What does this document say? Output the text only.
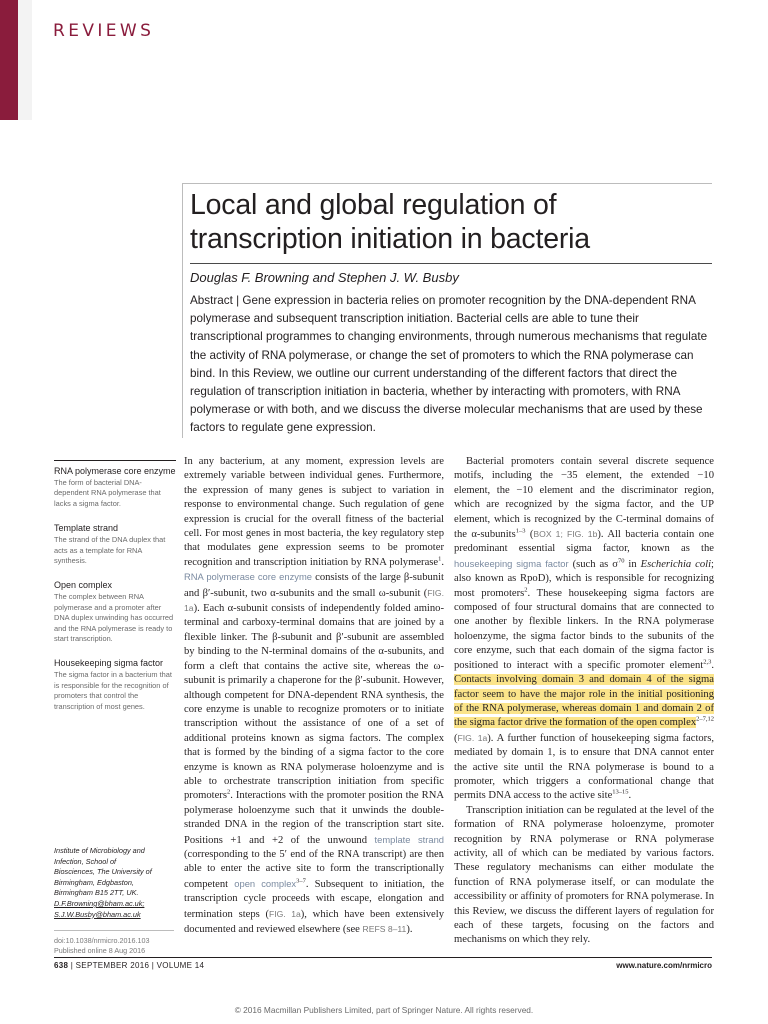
REVIEWS
Local and global regulation of transcription initiation in bacteria

Douglas F. Browning and Stephen J. W. Busby

Abstract | Gene expression in bacteria relies on promoter recognition by the DNA-dependent RNA polymerase and subsequent transcription initiation. Bacterial cells are able to tune their transcriptional programmes to changing environments, through numerous mechanisms that regulate the activity of RNA polymerase, or change the set of promoters to which the RNA polymerase can bind. In this Review, we outline our current understanding of the different factors that direct the regulation of transcription initiation in bacteria, whether by interacting with promoters, with RNA polymerase or with both, and we discuss the diverse molecular mechanisms that are used by these factors to regulate gene expression.

RNA polymerase core enzyme
The form of bacterial DNA-dependent RNA polymerase that lacks a sigma factor.
Template strand
The strand of the DNA duplex that acts as a template for RNA synthesis.
Open complex
The complex between RNA polymerase and a promoter after DNA duplex unwinding has occurred and the RNA polymerase is ready to start transcription.
Housekeeping sigma factor
The sigma factor in a bacterium that is responsible for the recognition of promoters that control the transcription of most genes.
Institute of Microbiology and
Infection, School of
Biosciences, The University of
Birmingham, Edgbaston,
Birmingham B15 2TT, UK.
D.F.Browning@bham.ac.uk;
S.J.W.Busby@bham.ac.uk
doi:10.1038/nrmicro.2016.103
Published online 8 Aug 2016

In any bacterium, at any moment, expression levels are extremely variable between individual genes. Furthermore, the expression of many genes is subject to variation in response to environmental change. Such regulation of gene expression is crucial for the overall fitness of the bacterial cell. For most genes in most bacteria, the key regulatory step that modulates gene expression seems to be promoter recognition and transcription initiation by RNA polymerase$^1$. RNA polymerase core enzyme consists of the large β-subunit and β′-subunit, two α-subunits and the small ω-subunit (FIG. 1a). Each α-subunit consists of independently folded amino-terminal and carboxy-terminal domains that are joined by a flexible linker. The β-subunit and β′-subunit are assembled by binding to the N-terminal domains of the α-subunits, and form a cleft that contains the active site, whereas the ω-subunit is primarily a chaperone for the β′-subunit. However, although competent for DNA-dependent RNA synthesis, the core enzyme is unable to recognize promoters or to initiate transcription without the assistance of one of a set of additional proteins known as sigma factors. The complex that is formed by the binding of a sigma factor to the core enzyme is known as RNA polymerase holoenzyme and is able to orchestrate transcription initiation from specific promoters$^2$. Interactions with the promoter position the RNA polymerase holoenzyme such that it unwinds the double-stranded DNA in the region of the transcription start site. Positions +1 and +2 of the unwound template strand (corresponding to the 5′ end of the RNA transcript) are then able to enter the active site to form the transcriptionally competent open complex$^{3-7}$. Subsequent to initiation, the transcription cycle proceeds with escape, elongation and termination steps (FIG. 1a), which have been extensively documented and reviewed elsewhere (see REFS 8–11).

Bacterial promoters contain several discrete sequence motifs, including the −35 element, the extended −10 element, the −10 element and the discriminator region, which are recognized by the sigma factor, and the UP element, which is recognized by the C-terminal domains of the α-subunits$^{1-3}$ (BOX 1; FIG. 1b). All bacteria contain one predominant essential sigma factor, known as the housekeeping sigma factor (such as $\sigma^{70}$ in Escherichia coli; also known as RpoD), which is responsible for recognizing most promoters$^2$. These housekeeping sigma factors are composed of four structural domains that are connected to one another by flexible linkers. In the RNA polymerase holoenzyme, the sigma factor binds to the subunits of the core enzyme, such that each domain of the sigma factor is positioned to interact with a specific promoter element$^{2,3}$. Contacts involving domain 3 and domain 4 of the sigma factor seem to have the major role in the initial positioning of the RNA polymerase, whereas domain 1 and domain 2 of the sigma factor drive the formation of the open complex$^{2-7,12}$ (FIG. 1a). A further function of housekeeping sigma factors, mediated by domain 1, is to ensure that DNA cannot enter the active site until the RNA polymerase is bound to a promoter, which triggers a conformational change that permits DNA access to the active site$^{13-15}$.

Transcription initiation can be regulated at the level of the formation of RNA polymerase holoenzyme, promoter recognition by RNA polymerase or RNA polymerase activity, all of which can be mediated by various factors. These regulatory mechanisms can either modulate the function of RNA polymerase itself, or can modulate the accessibility or affinity of promoters for RNA polymerase. In this Review, we discuss the different layers of regulation for each of these targets, focusing on the factors and mechanisms on which they rely.

638 | SEPTEMBER 2016 | VOLUME 14	www.nature.com/nrmicro

© 2016 Macmillan Publishers Limited, part of Springer Nature. All rights reserved.
